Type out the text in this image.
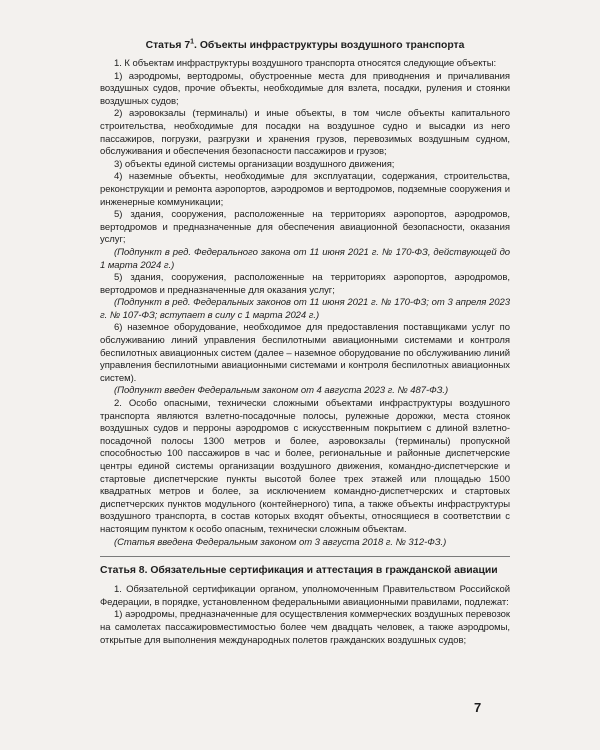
Статья $7^1$. Объекты инфраструктуры воздушного транспорта

1. К объектам инфраструктуры воздушного транспорта относятся следующие объекты:

1) аэродромы, вертодромы, обустроенные места для приводнения и причаливания воздушных судов, прочие объекты, необходимые для взлета, посадки, руления и стоянки воздушных судов;

2) аэровокзалы (терминалы) и иные объекты, в том числе объекты капитального строительства, необходимые для посадки на воздушное судно и высадки из него пассажиров, погрузки, разгрузки и хранения грузов, перевозимых воздушным судном, обслуживания и обеспечения безопасности пассажиров и грузов;

3) объекты единой системы организации воздушного движения;

4) наземные объекты, необходимые для эксплуатации, содержания, строительства, реконструкции и ремонта аэропортов, аэродромов и вертодромов, подземные сооружения и инженерные коммуникации;

5) здания, сооружения, расположенные на территориях аэропортов, аэродромов, вертодромов и предназначенные для обеспечения авиационной безопасности, оказания услуг;

(Подпункт в ред. Федерального закона от 11 июня 2021 г. № 170-ФЗ, действующей до 1 марта 2024 г.)

5) здания, сооружения, расположенные на территориях аэропортов, аэродромов, вертодромов и предназначенные для оказания услуг;

(Подпункт в ред. Федеральных законов от 11 июня 2021 г. № 170-ФЗ; от 3 апреля 2023 г. № 107-ФЗ; вступает в силу с 1 марта 2024 г.)

6) наземное оборудование, необходимое для предоставления поставщиками услуг по обслуживанию линий управления беспилотными авиационными системами и контроля беспилотных авиационных систем (далее – наземное оборудование по обслуживанию линий управления беспилотными авиационными системами и контроля беспилотных авиационных систем).

(Подпункт введен Федеральным законом от 4 августа 2023 г. № 487-ФЗ.)

2. Особо опасными, технически сложными объектами инфраструктуры воздушного транспорта являются взлетно-посадочные полосы, рулежные дорожки, места стоянок воздушных судов и перроны аэродромов с искусственным покрытием с длиной взлетно-посадочной полосы 1300 метров и более, аэровокзалы (терминалы) пропускной способностью 100 пассажиров в час и более, региональные и районные диспетчерские центры единой системы организации воздушного движения, командно-диспетчерские и стартовые диспетчерские пункты высотой более трех этажей или площадью 1500 квадратных метров и более, за исключением командно-диспетчерских и стартовых диспетчерских пунктов модульного (контейнерного) типа, а также объекты инфраструктуры воздушного транспорта, в состав которых входят объекты, относящиеся в соответствии с настоящим пунктом к особо опасным, технически сложным объектам.

(Статья введена Федеральным законом от 3 августа 2018 г. № 312-ФЗ.)

Статья 8. Обязательные сертификация и аттестация в гражданской авиации

1. Обязательной сертификации органом, уполномоченным Правительством Российской Федерации, в порядке, установленном федеральными авиационными правилами, подлежат:

1) аэродромы, предназначенные для осуществления коммерческих воздушных перевозок на самолетах пассажировместимостью более чем двадцать человек, а также аэродромы, открытые для выполнения международных полетов гражданских воздушных судов;

7
